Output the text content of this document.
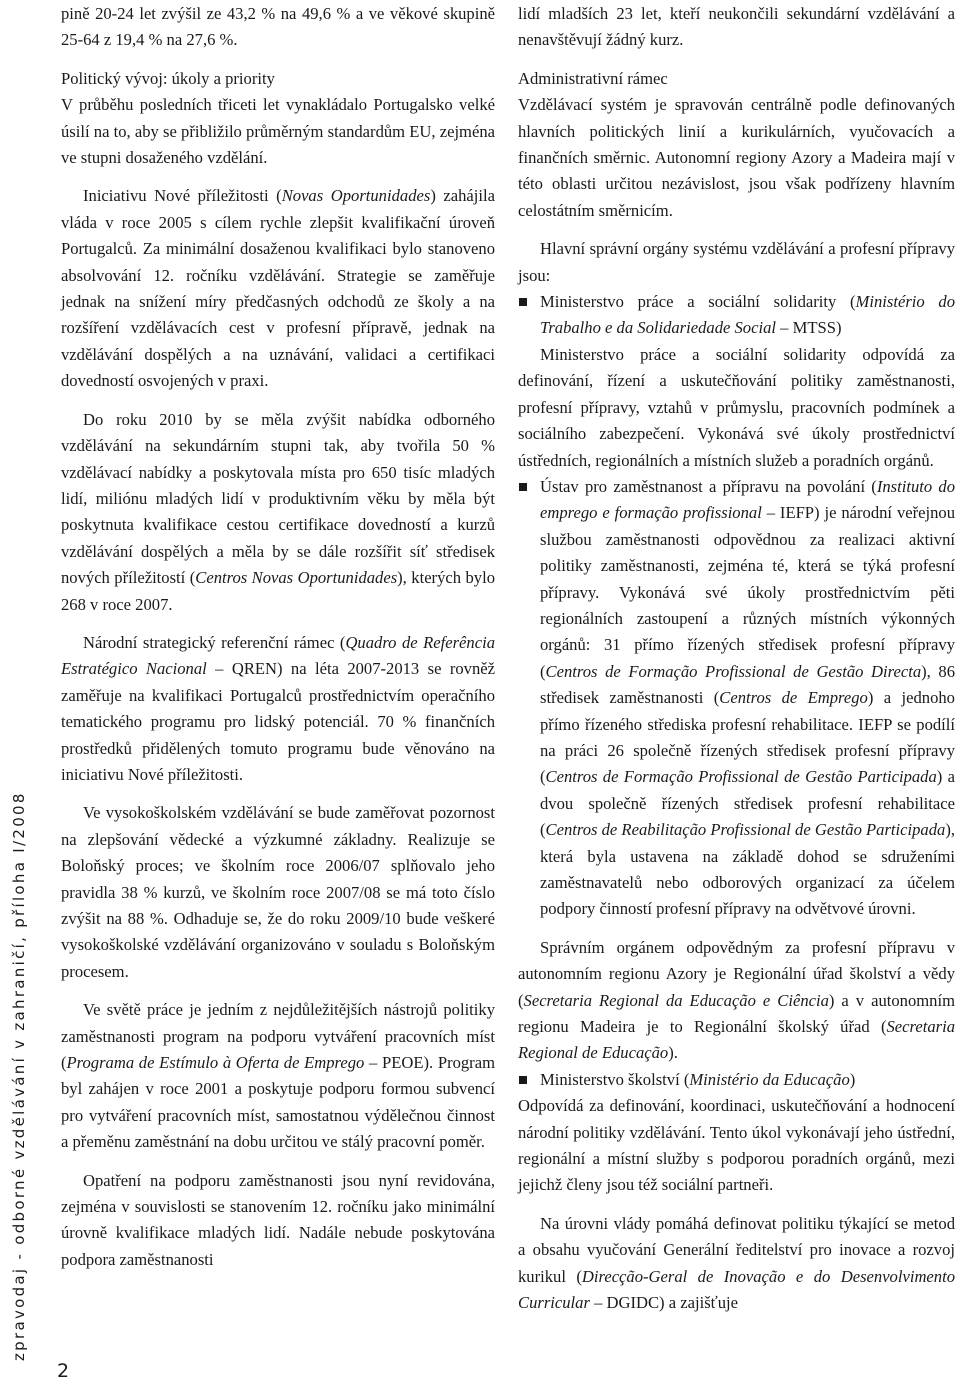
zpravodaj - odborné vzdělávání v zahraničí, příloha I/2008
2

pině 20-24 let zvýšil ze 43,2 % na 49,6 % a ve věkové skupině 25-64 z 19,4 % na 27,6 %.

Politický vývoj: úkoly a priority

V průběhu posledních třiceti let vynakládalo Portugalsko velké úsilí na to, aby se přibližilo průměrným standardům EU, zejména ve stupni dosaženého vzdělání.

Iniciativu Nové příležitosti (Novas Oportunidades) zahájila vláda v roce 2005 s cílem rychle zlepšit kvalifikační úroveň Portugalců. Za minimální dosaženou kvalifikaci bylo stanoveno absolvování 12. ročníku vzdělávání. Strategie se zaměřuje jednak na snížení míry předčasných odchodů ze školy a na rozšíření vzdělávacích cest v profesní přípravě, jednak na vzdělávání dospělých a na uznávání, validaci a certifikaci dovedností osvojených v praxi.

Do roku 2010 by se měla zvýšit nabídka odborného vzdělávání na sekundárním stupni tak, aby tvořila 50 % vzdělávací nabídky a poskytovala místa pro 650 tisíc mladých lidí, miliónu mladých lidí v produktivním věku by měla být poskytnuta kvalifikace cestou certifikace dovedností a kurzů vzdělávání dospělých a měla by se dále rozšířit síť středisek nových příležitostí (Centros Novas Oportunidades), kterých bylo 268 v roce 2007.

Národní strategický referenční rámec (Quadro de Referência Estratégico Nacional – QREN) na léta 2007-2013 se rovněž zaměřuje na kvalifikaci Portugalců prostřednictvím operačního tematického programu pro lidský potenciál. 70 % finančních prostředků přidělených tomuto programu bude věnováno na iniciativu Nové příležitosti.

Ve vysokoškolském vzdělávání se bude zaměřovat pozornost na zlepšování vědecké a výzkumné základny. Realizuje se Boloňský proces; ve školním roce 2006/07 splňovalo jeho pravidla 38 % kurzů, ve školním roce 2007/08 se má toto číslo zvýšit na 88 %. Odhaduje se, že do roku 2009/10 bude veškeré vysokoškolské vzdělávání organizováno v souladu s Boloňským procesem.

Ve světě práce je jedním z nejdůležitějších nástrojů politiky zaměstnanosti program na podporu vytváření pracovních míst (Programa de Estímulo à Oferta de Emprego – PEOE). Program byl zahájen v roce 2001 a poskytuje podporu formou subvencí pro vytváření pracovních míst, samostatnou výdělečnou činnost a přeměnu zaměstnání na dobu určitou ve stálý pracovní poměr.

Opatření na podporu zaměstnanosti jsou nyní revidována, zejména v souvislosti se stanovením 12. ročníku jako minimální úrovně kvalifikace mladých lidí. Nadále nebude poskytována podpora zaměstnanosti

lidí mladších 23 let, kteří neukončili sekundární vzdělávání a nenavštěvují žádný kurz.

Administrativní rámec

Vzdělávací systém je spravován centrálně podle definovaných hlavních politických linií a kurikulárních, vyučovacích a finančních směrnic. Autonomní regiony Azory a Madeira mají v této oblasti určitou nezávislost, jsou však podřízeny hlavním celostátním směrnicím.

Hlavní správní orgány systému vzdělávání a profesní přípravy jsou:

Ministerstvo práce a sociální solidarity (Ministério do Trabalho e da Solidariedade Social – MTSS)

Ministerstvo práce a sociální solidarity odpovídá za definování, řízení a uskutečňování politiky zaměstnanosti, profesní přípravy, vztahů v průmyslu, pracovních podmínek a sociálního zabezpečení. Vykonává své úkoly prostřednictví ústředních, regionálních a místních služeb a poradních orgánů.

Ústav pro zaměstnanost a přípravu na povolání (Instituto do emprego e formação profissional – IEFP) je národní veřejnou službou zaměstnanosti odpovědnou za realizaci aktivní politiky zaměstnanosti, zejména té, která se týká profesní přípravy. Vykonává své úkoly prostřednictvím pěti regionálních zastoupení a různých místních výkonných orgánů: 31 přímo řízených středisek profesní přípravy (Centros de Formação Profissional de Gestão Directa), 86 středisek zaměstnanosti (Centros de Emprego) a jednoho přímo řízeného střediska profesní rehabilitace. IEFP se podílí na práci 26 společně řízených středisek profesní přípravy (Centros de Formação Profissional de Gestão Participada) a dvou společně řízených středisek profesní rehabilitace (Centros de Reabilitação Profissional de Gestão Participada), která byla ustavena na základě dohod se sdruženími zaměstnavatelů nebo odborových organizací za účelem podpory činností profesní přípravy na odvětvové úrovni.

Správním orgánem odpovědným za profesní přípravu v autonomním regionu Azory je Regionální úřad školství a vědy (Secretaria Regional da Educação e Ciência) a v autonomním regionu Madeira je to Regionální školský úřad (Secretaria Regional de Educação).

Ministerstvo školství (Ministério da Educação)

Odpovídá za definování, koordinaci, uskutečňování a hodnocení národní politiky vzdělávání. Tento úkol vykonávají jeho ústřední, regionální a místní služby s podporou poradních orgánů, mezi jejichž členy jsou též sociální partneři.

Na úrovni vlády pomáhá definovat politiku týkající se metod a obsahu vyučování Generální ředitelství pro inovace a rozvoj kurikul (Direcção-Geral de Inovação e do Desenvolvimento Curricular – DGIDC) a zajišťuje
